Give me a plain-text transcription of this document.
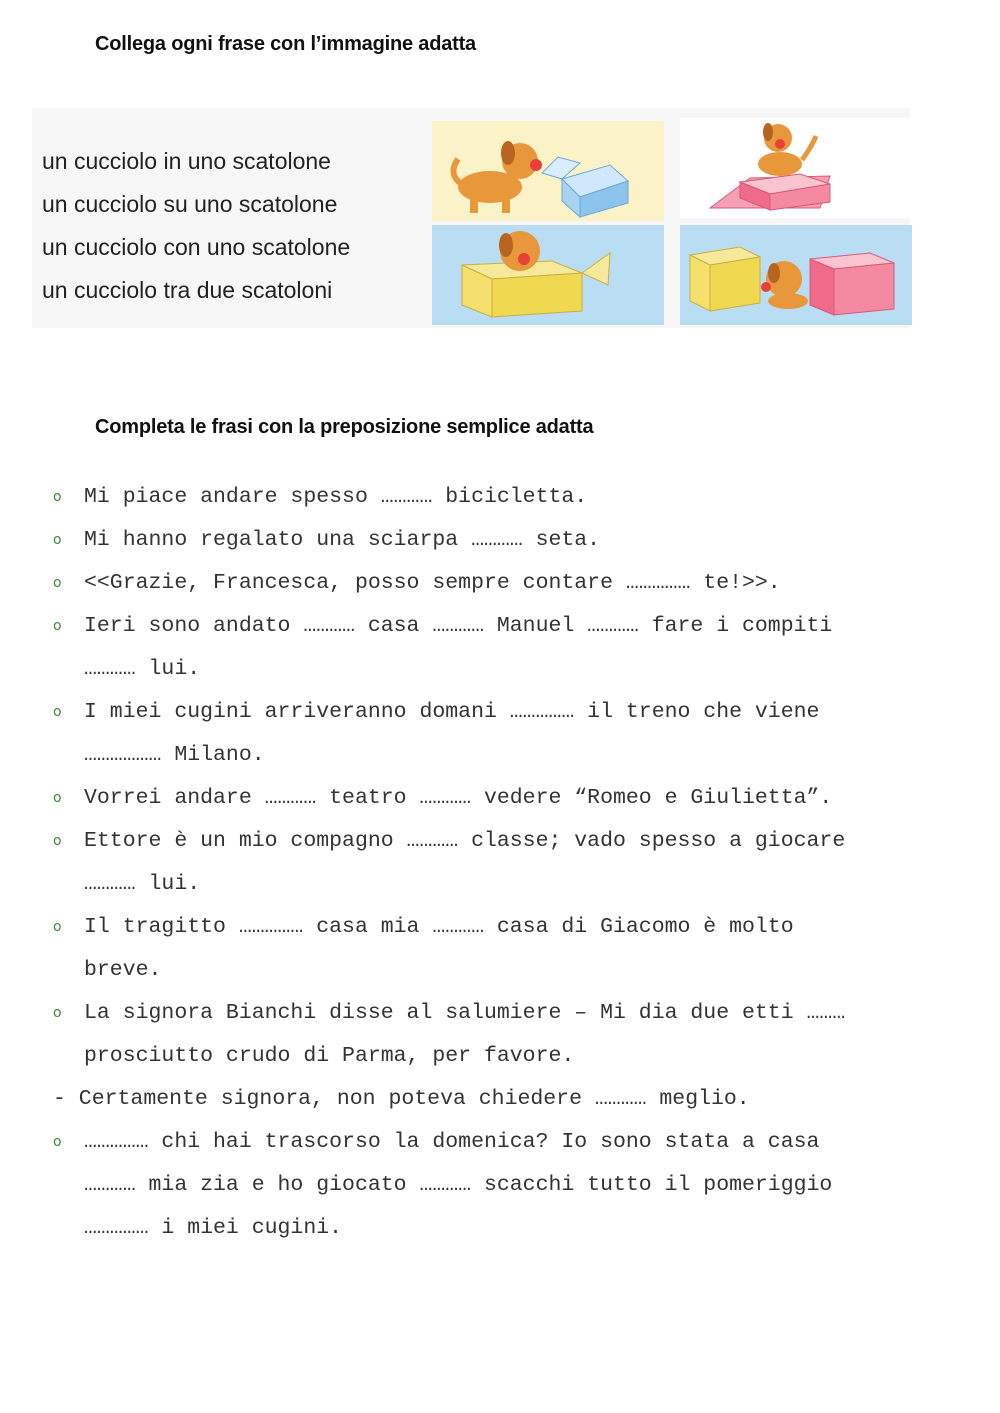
Collega ogni frase con l’immagine adatta
un cucciolo in uno scatolone
un cucciolo su uno scatolone
un cucciolo con uno scatolone
un cucciolo tra due scatoloni
Completa le frasi con la preposizione semplice adatta
o Mi piace andare spesso ………… bicicletta.
o Mi hanno regalato una sciarpa ………… seta.
o <<Grazie, Francesca, posso sempre contare …………… te!>>.
o Ieri sono andato ………… casa ………… Manuel ………… fare i compiti
………… lui.
o I miei cugini arriveranno domani …………… il treno che viene
……………… Milano.
o Vorrei andare ………… teatro ………… vedere “Romeo e Giulietta”.
o Ettore è un mio compagno ………… classe; vado spesso a giocare
………… lui.
o Il tragitto …………… casa mia ………… casa di Giacomo è molto
breve.
o La signora Bianchi disse al salumiere – Mi dia due etti ………
prosciutto crudo di Parma, per favore.
- Certamente signora, non poteva chiedere ………… meglio.
o …………… chi hai trascorso la domenica? Io sono stata a casa
………… mia zia e ho giocato ………… scacchi tutto il pomeriggio
…………… i miei cugini.
